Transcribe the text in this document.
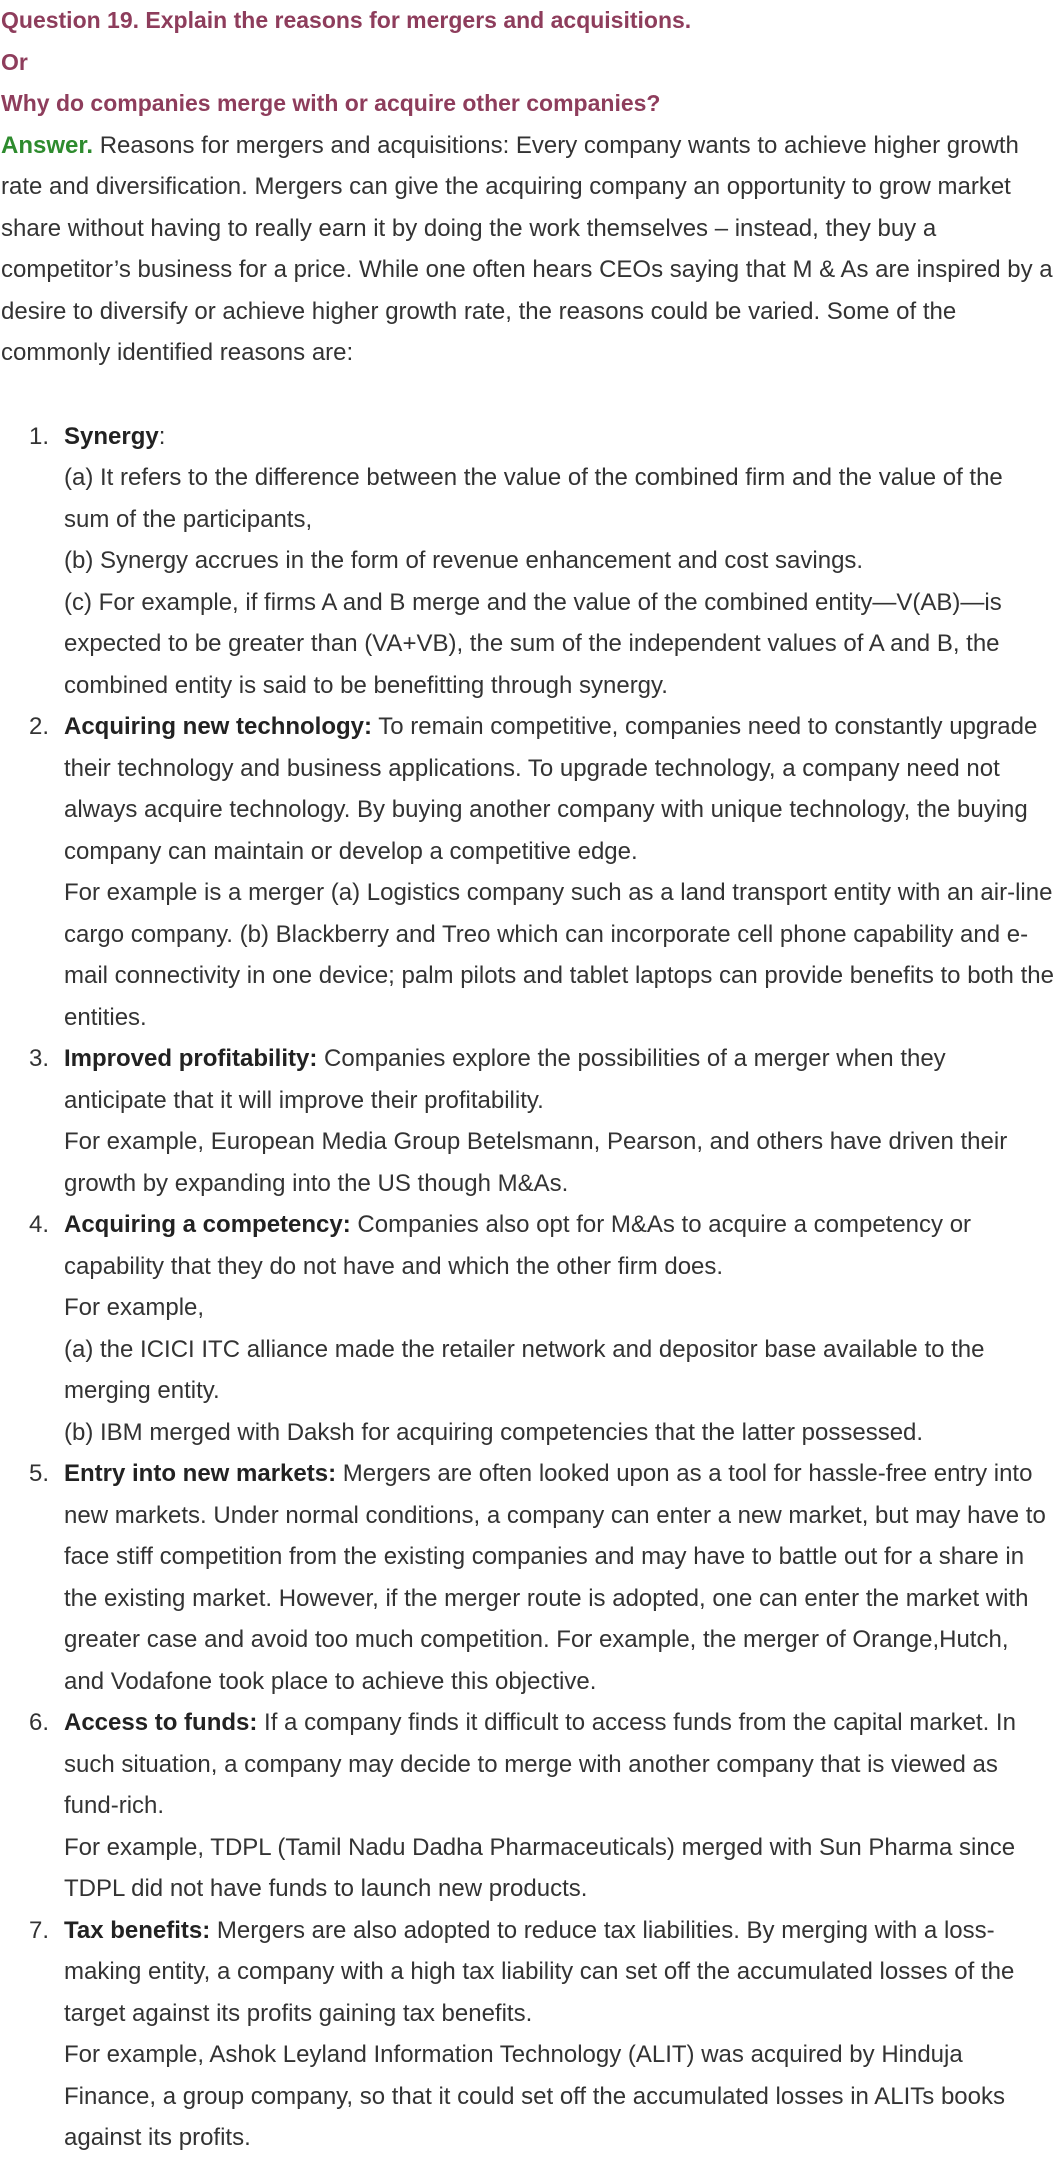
Question 19. Explain the reasons for mergers and acquisitions.

Or

Why do companies merge with or acquire other companies?

Answer. Reasons for mergers and acquisitions: Every company wants to achieve higher growth rate and diversification. Mergers can give the acquiring company an opportunity to grow market share without having to really earn it by doing the work themselves – instead, they buy a competitor’s business for a price. While one often hears CEOs saying that M & As are inspired by a desire to diversify or achieve higher growth rate, the reasons could be varied. Some of the commonly identified reasons are:

1. Synergy:
(a) It refers to the difference between the value of the combined firm and the value of the sum of the participants,
(b) Synergy accrues in the form of revenue enhancement and cost savings.
(c) For example, if firms A and B merge and the value of the combined entity—V(AB)—is expected to be greater than (VA+VB), the sum of the independent values of A and B, the combined entity is said to be benefitting through synergy.
2. Acquiring new technology: To remain competitive, companies need to constantly upgrade their technology and business applications. To upgrade technology, a company need not always acquire technology. By buying another company with unique technology, the buying company can maintain or develop a competitive edge.
For example is a merger (a) Logistics company such as a land transport entity with an air-line cargo company. (b) Blackberry and Treo which can incorporate cell phone capability and e-mail connectivity in one device; palm pilots and tablet laptops can provide benefits to both the entities.
3. Improved profitability: Companies explore the possibilities of a merger when they anticipate that it will improve their profitability.
For example, European Media Group Betelsmann, Pearson, and others have driven their growth by expanding into the US though M&As.
4. Acquiring a competency: Companies also opt for M&As to acquire a competency or capability that they do not have and which the other firm does.
For example,
(a) the ICICI ITC alliance made the retailer network and depositor base available to the merging entity.
(b) IBM merged with Daksh for acquiring competencies that the latter possessed.
5. Entry into new markets: Mergers are often looked upon as a tool for hassle-free entry into new markets. Under normal conditions, a company can enter a new market, but may have to face stiff competition from the existing companies and may have to battle out for a share in the existing market. However, if the merger route is adopted, one can enter the market with greater case and avoid too much competition. For example, the merger of Orange,Hutch, and Vodafone took place to achieve this objective.
6. Access to funds: If a company finds it difficult to access funds from the capital market. In such situation, a company may decide to merge with another company that is viewed as fund-rich.
For example, TDPL (Tamil Nadu Dadha Pharmaceuticals) merged with Sun Pharma since TDPL did not have funds to launch new products.
7. Tax benefits: Mergers are also adopted to reduce tax liabilities. By merging with a loss-making entity, a company with a high tax liability can set off the accumulated losses of the target against its profits gaining tax benefits.
For example, Ashok Leyland Information Technology (ALIT) was acquired by Hinduja Finance, a group company, so that it could set off the accumulated losses in ALITs books against its profits.
